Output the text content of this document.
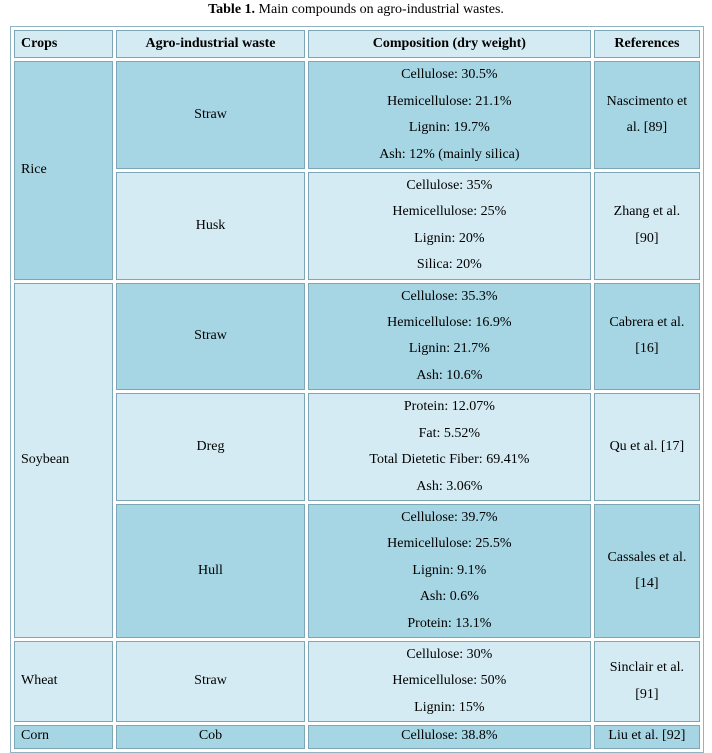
Table 1. Main compounds on agro-industrial wastes.
Crops	Agro-industrial waste	Composition (dry weight)	References
Rice	Straw	Cellulose: 30.5%
Hemicellulose: 21.1%
Lignin: 19.7%
Ash: 12% (mainly silica)	Nascimento et
al. [89]

	Husk	Cellulose: 35%
Hemicellulose: 25%
Lignin: 20%
Silica: 20%	Zhang et al.
[90]

Soybean	Straw	Cellulose: 35.3%
Hemicellulose: 16.9%
Lignin: 21.7%
Ash: 10.6%	Cabrera et al.
[16]

	Dreg	Protein: 12.07%
Fat: 5.52%
Total Dietetic Fiber: 69.41%
Ash: 3.06%	Qu et al. [17]

	Hull	Cellulose: 39.7%
Hemicellulose: 25.5%
Lignin: 9.1%
Ash: 0.6%
Protein: 13.1%	Cassales et al.
[14]

Wheat	Straw	Cellulose: 30%
Hemicellulose: 50%
Lignin: 15%	Sinclair et al.
[91]

Corn	Cob	Cellulose: 38.8%	Liu et al. [92]
